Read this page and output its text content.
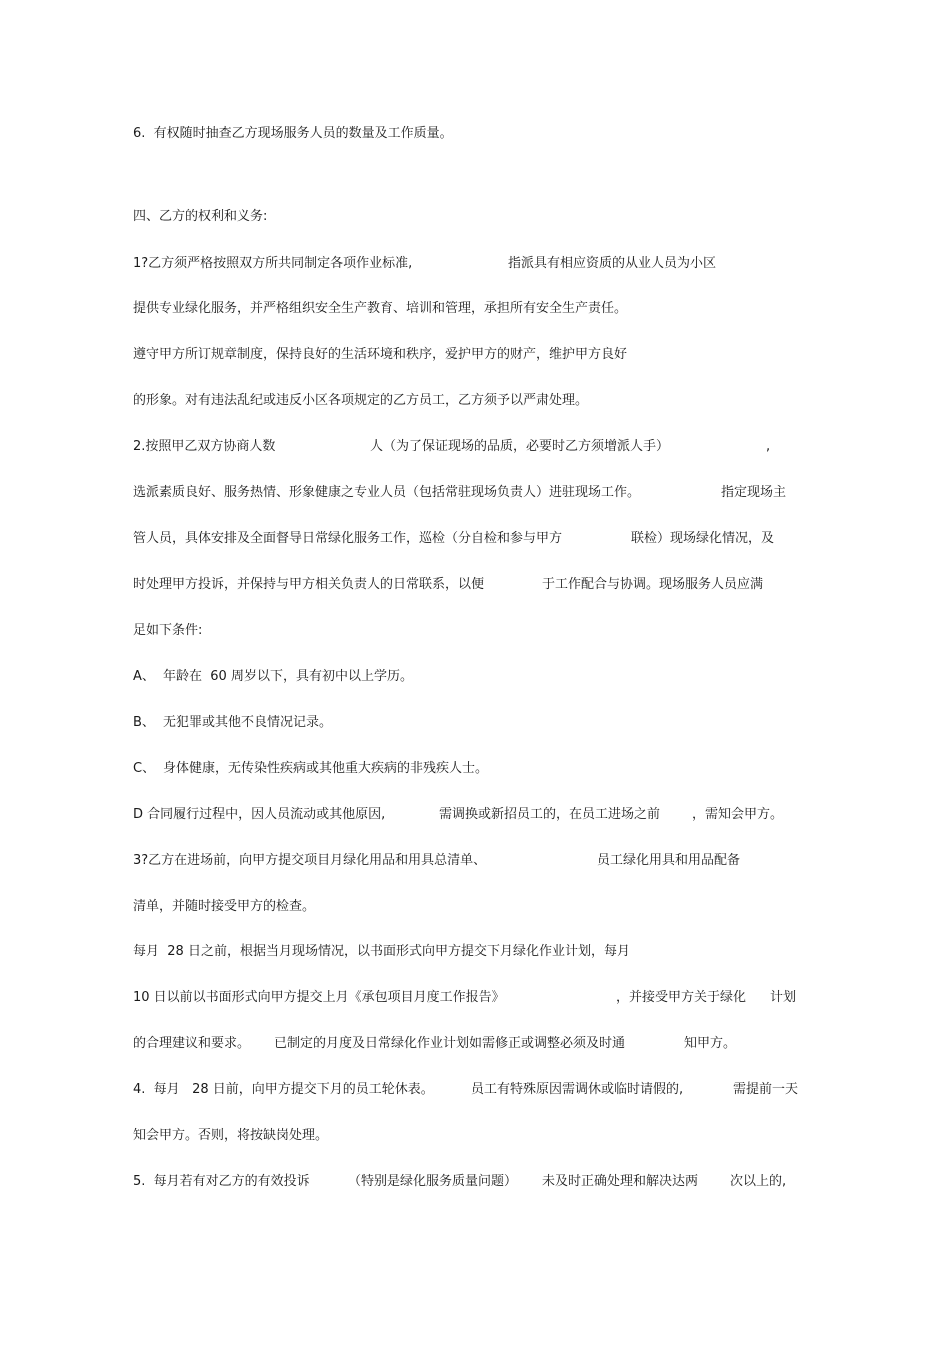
6.  有权随时抽查乙方现场服务人员的数量及工作质量。

四、乙方的权利和义务:

1?乙方须严格按照双方所共同制定各项作业标准,

	指派具有相应资质的从业人员为小区

提供专业绿化服务，并严格组织安全生产教育、培训和管理，承担所有安全生产责任。

遵守甲方所订规章制度，保持良好的生活环境和秩序，爱护甲方的财产，维护甲方良好

的形象。对有违法乱纪或违反小区各项规定的乙方员工，乙方须予以严肃处理。

2.按照甲乙双方协商人数

	人（为了保证现场的品质，必要时乙方须增派人手）

	,

选派素质良好、服务热情、形象健康之专业人员（包括常驻现场负责人）进驻现场工作。

	指定现场主

管人员，具体安排及全面督导日常绿化服务工作，巡检（分自检和参与甲方

	联检）现场绿化情况，及

时处理甲方投诉，并保持与甲方相关负责人的日常联系，以便

	于工作配合与协调。现场服务人员应满

足如下条件:

A、

年龄在  60 周岁以下，具有初中以上学历。

B、

无犯罪或其他不良情况记录。

C、

身体健康，无传染性疾病或其他重大疾病的非残疾人士。

D 合同履行过程中，因人员流动或其他原因,

	需调换或新招员工的，在员工进场之前

，需知会甲方。

3?乙方在进场前，向甲方提交项目月绿化用品和用具总清单、

	员工绿化用具和用品配备

清单，并随时接受甲方的检查。

每月  28 日之前，根据当月现场情况，以书面形式向甲方提交下月绿化作业计划，每月

10 日以前以书面形式向甲方提交上月《承包项目月度工作报告》

	，并接受甲方关于绿化

计划

的合理建议和要求。

已制定的月度及日常绿化作业计划如需修正或调整必须及时通

	知甲方。

4.  每月   28 日前，向甲方提交下月的员工轮休表。

	员工有特殊原因需调休或临时请假的,

	需提前一天

知会甲方。否则，将按缺岗处理。

5.  每月若有对乙方的有效投诉

	（特别是绿化服务质量问题）

未及时正确处理和解决达两

次以上的,
